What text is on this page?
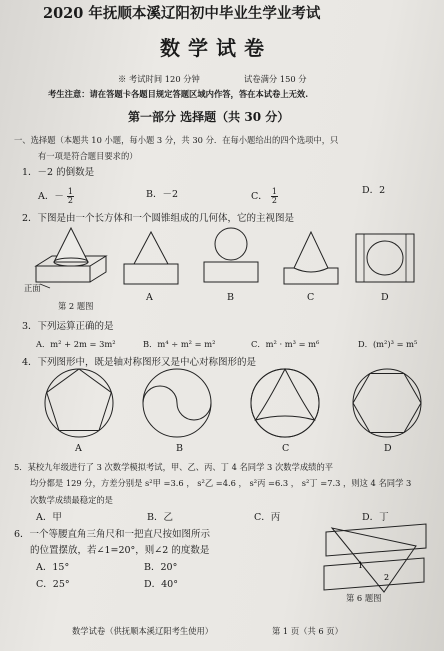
2020 年抚顺本溪辽阳初中毕业生学业考试
数学试卷
※ 考试时间 120 分钟	试卷满分 150 分
考生注意：请在答题卡各题目规定答题区域内作答，答在本试卷上无效.
第一部分 选择题（共 30 分）
一、选择题（本题共 10 小题，每小题 3 分，共 30 分．在每小题给出的四个选项中，只
有一项是符合题目要求的）
1．－2 的倒数是
A．－ $\frac{1}{2}$	B．－2	C． $\frac{1}{2}$	D．2
2．下图是由一个长方体和一个圆锥组成的几何体，它的主视图是
正面
第 2 题图
A	B	C	D
3．下列运算正确的是
A．m² + 2m = 3m²	B．m⁴ ÷ m² = m²	C．m² · m³ = m⁶	D．(m²)³ = m⁵
4．下列图形中，既是轴对称图形又是中心对称图形的是
A	B	C	D
5．某校九年级进行了 3 次数学模拟考试，甲、乙、丙、丁 4 名同学 3 次数学成绩的平
均分都是 129 分，方差分别是 s²甲 =3.6 ， s²乙 =4.6 ， s²丙 =6.3 ， s²丁 =7.3 ，则这 4 名同学 3
次数学成绩最稳定的是
A．甲	B．乙	C．丙	D．丁
6．一个等腰直角三角尺和一把直尺按如图所示
的位置摆放，若∠1=20°，则∠2 的度数是
A．15°	B．20°
C．25°	D．40°
1
2
第 6 题图
数学试卷（供抚顺本溪辽阳考生使用）	第 1 页（共 6 页）
